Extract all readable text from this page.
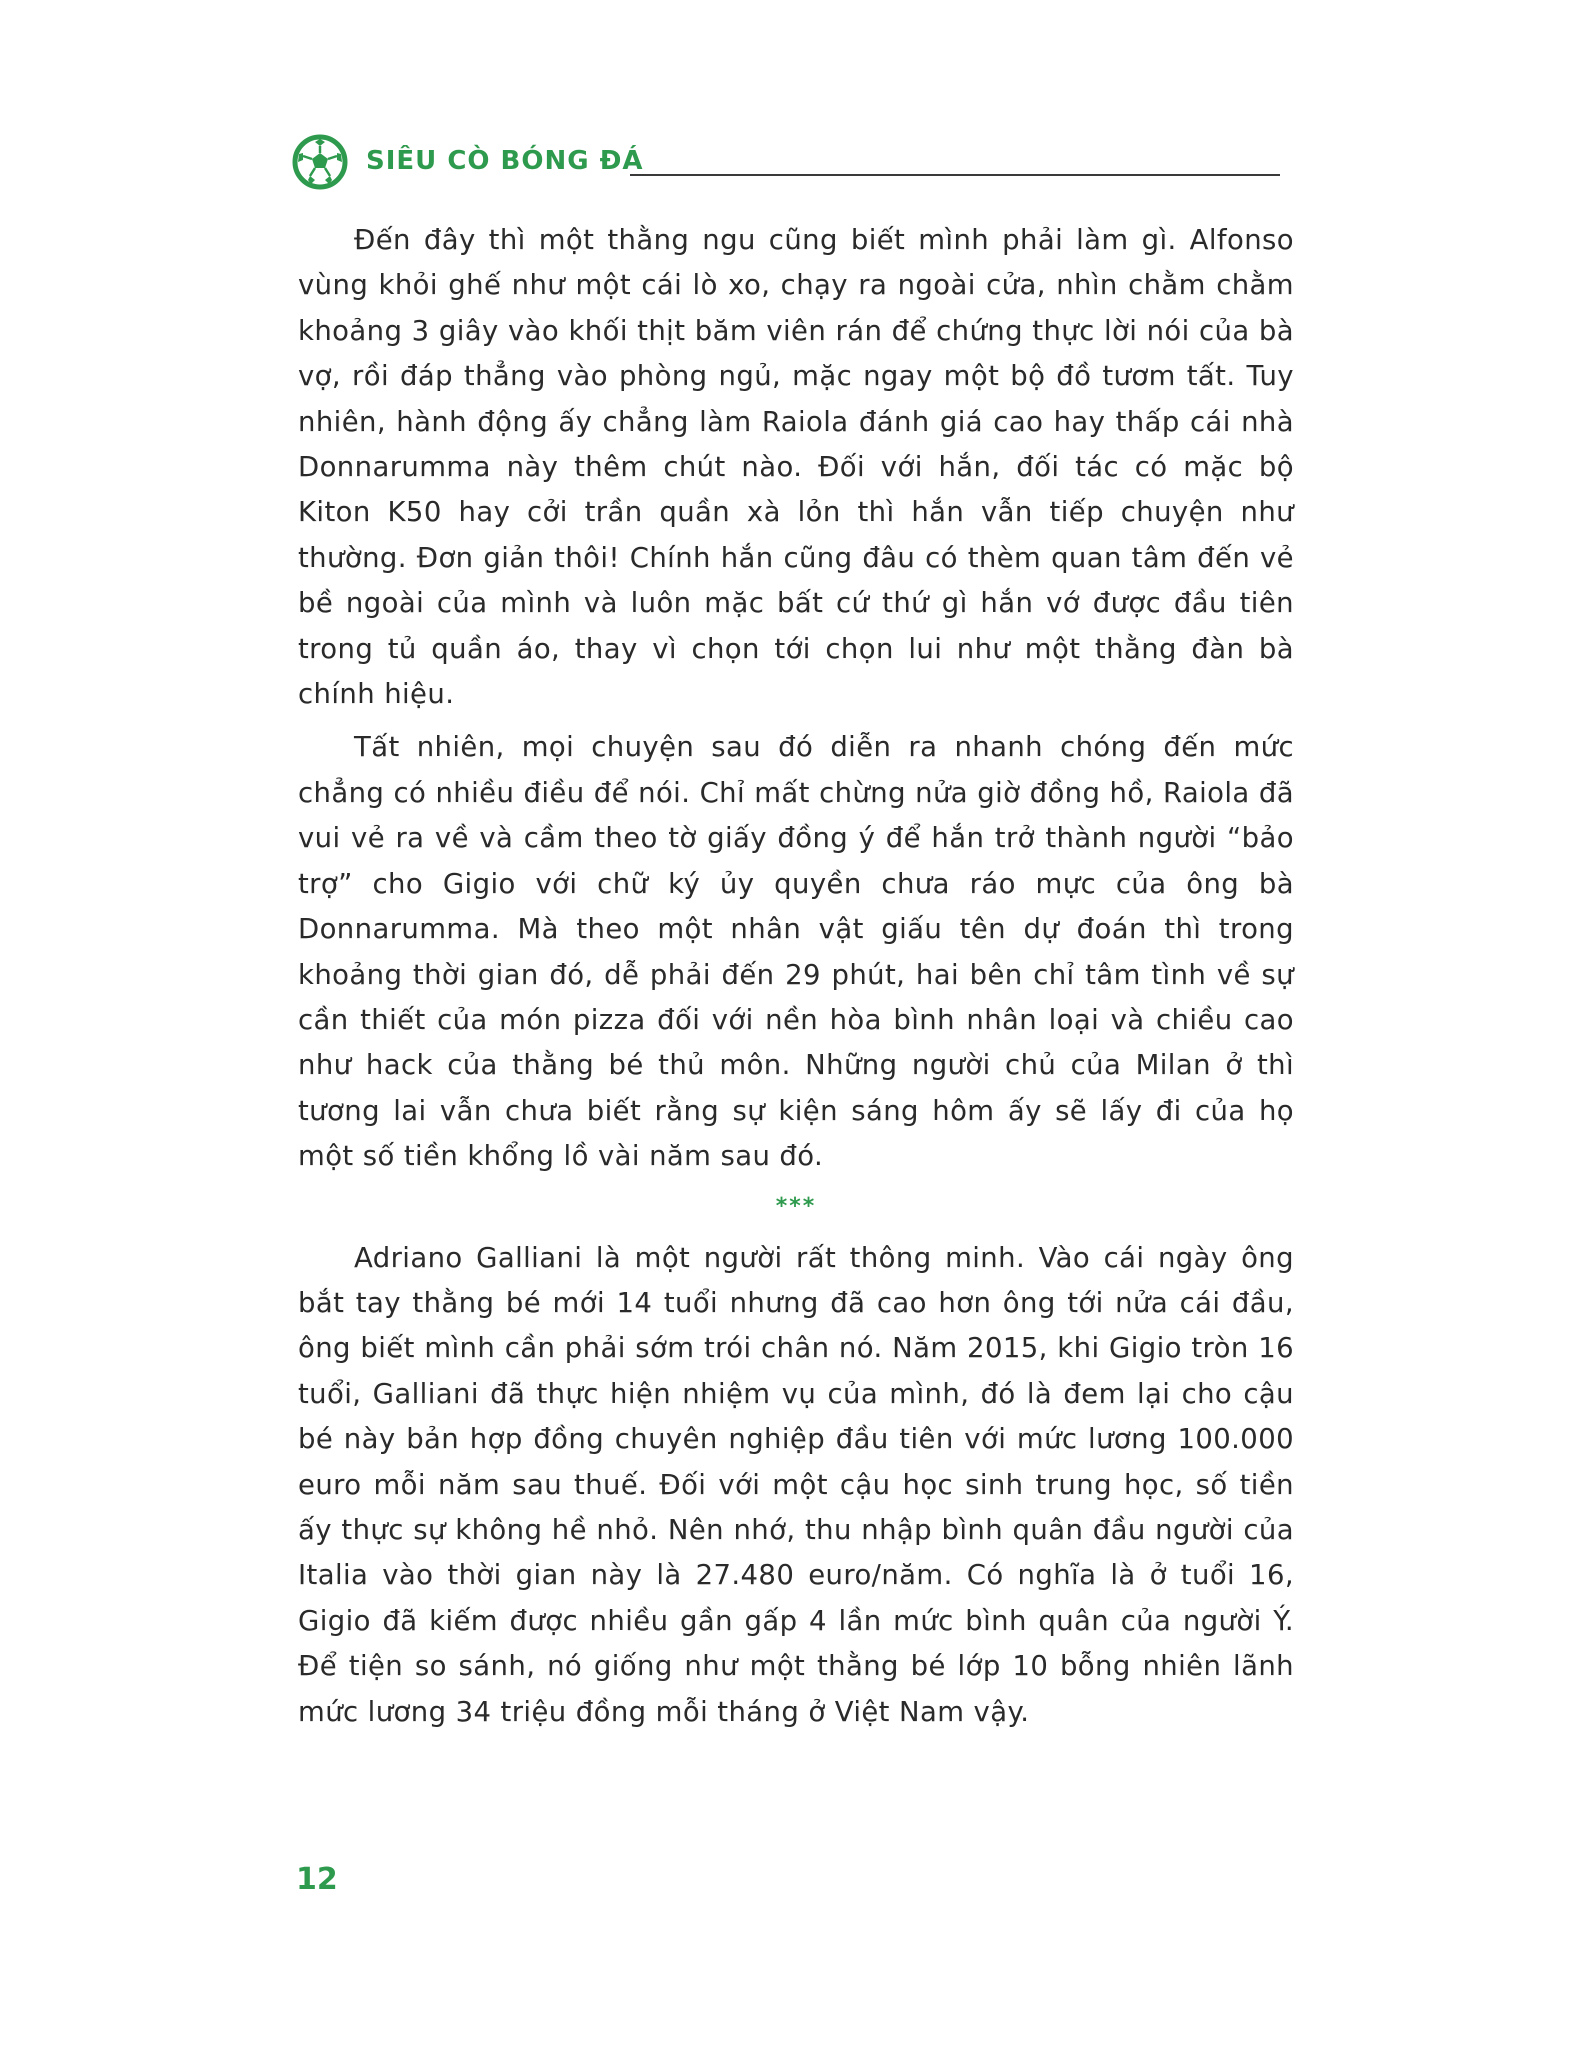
SIÊU CÒ BÓNG ĐÁ

Đến đây thì một thằng ngu cũng biết mình phải làm gì. Alfonso vùng khỏi ghế như một cái lò xo, chạy ra ngoài cửa, nhìn chằm chằm khoảng 3 giây vào khối thịt băm viên rán để chứng thực lời nói của bà vợ, rồi đáp thẳng vào phòng ngủ, mặc ngay một bộ đồ tươm tất. Tuy nhiên, hành động ấy chẳng làm Raiola đánh giá cao hay thấp cái nhà Donnarumma này thêm chút nào. Đối với hắn, đối tác có mặc bộ Kiton K50 hay cởi trần quần xà lỏn thì hắn vẫn tiếp chuyện như thường. Đơn giản thôi! Chính hắn cũng đâu có thèm quan tâm đến vẻ bề ngoài của mình và luôn mặc bất cứ thứ gì hắn vớ được đầu tiên trong tủ quần áo, thay vì chọn tới chọn lui như một thằng đàn bà chính hiệu.

Tất nhiên, mọi chuyện sau đó diễn ra nhanh chóng đến mức chẳng có nhiều điều để nói. Chỉ mất chừng nửa giờ đồng hồ, Raiola đã vui vẻ ra về và cầm theo tờ giấy đồng ý để hắn trở thành người “bảo trợ” cho Gigio với chữ ký ủy quyền chưa ráo mực của ông bà Donnarumma. Mà theo một nhân vật giấu tên dự đoán thì trong khoảng thời gian đó, dễ phải đến 29 phút, hai bên chỉ tâm tình về sự cần thiết của món pizza đối với nền hòa bình nhân loại và chiều cao như hack của thằng bé thủ môn. Những người chủ của Milan ở thì tương lai vẫn chưa biết rằng sự kiện sáng hôm ấy sẽ lấy đi của họ một số tiền khổng lồ vài năm sau đó.

***

Adriano Galliani là một người rất thông minh. Vào cái ngày ông bắt tay thằng bé mới 14 tuổi nhưng đã cao hơn ông tới nửa cái đầu, ông biết mình cần phải sớm trói chân nó. Năm 2015, khi Gigio tròn 16 tuổi, Galliani đã thực hiện nhiệm vụ của mình, đó là đem lại cho cậu bé này bản hợp đồng chuyên nghiệp đầu tiên với mức lương 100.000 euro mỗi năm sau thuế. Đối với một cậu học sinh trung học, số tiền ấy thực sự không hề nhỏ. Nên nhớ, thu nhập bình quân đầu người của Italia vào thời gian này là 27.480 euro/năm. Có nghĩa là ở tuổi 16, Gigio đã kiếm được nhiều gần gấp 4 lần mức bình quân của người Ý. Để tiện so sánh, nó giống như một thằng bé lớp 10 bỗng nhiên lãnh mức lương 34 triệu đồng mỗi tháng ở Việt Nam vậy.

12
